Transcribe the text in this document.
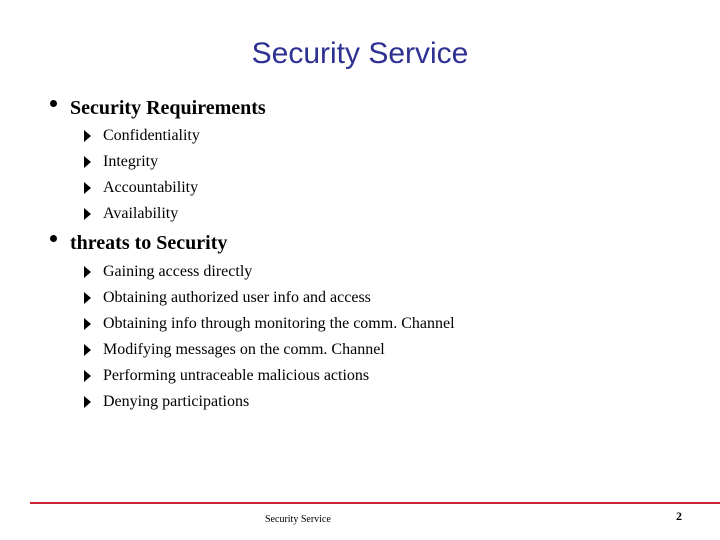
Security Service
Security Requirements
Confidentiality
Integrity
Accountability
Availability
threats to Security
Gaining access directly
Obtaining authorized user info and access
Obtaining info through monitoring the comm. Channel
Modifying messages on the comm. Channel
Performing untraceable malicious actions
Denying participations
Security Service	2
